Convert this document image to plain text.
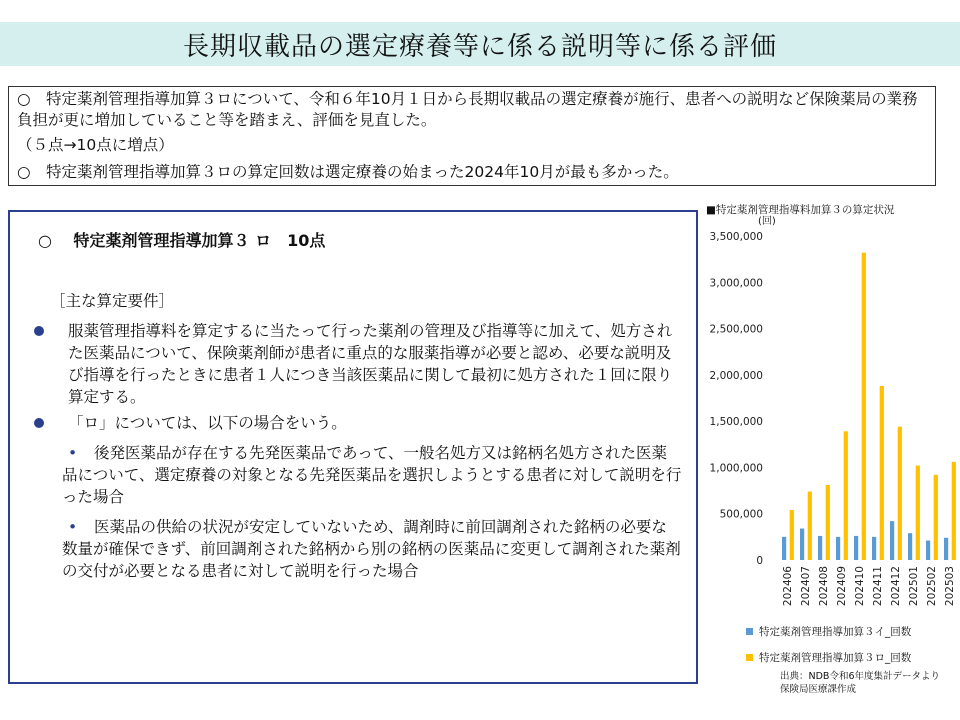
長期収載品の選定療養等に係る説明等に係る評価

○　特定薬剤管理指導加算３ロについて、令和６年10月１日から長期収載品の選定療養が施行、患者への説明など保険薬局の業務負担が更に増加していること等を踏まえ、評価を見直した。

（５点→10点に増点）

○　特定薬剤管理指導加算３ロの算定回数は選定療養の始まった2024年10月が最も多かった。

○　 特定薬剤管理指導加算３ ロ　10点
［主な算定要件］
服薬管理指導料を算定するに当たって行った薬剤の管理及び指導等に加えて、処方された医薬品について、保険薬剤師が患者に重点的な服薬指導が必要と認め、必要な説明及び指導を行ったときに患者１人につき当該医薬品に関して最初に処方された１回に限り算定する。
「ロ」については、以下の場合をいう。
• 後発医薬品が存在する先発医薬品であって、一般名処方又は銘柄名処方された医薬品について、選定療養の対象となる先発医薬品を選択しようとする患者に対して説明を行った場合
• 医薬品の供給の状況が安定していないため、調剤時に前回調剤された銘柄の必要な数量が確保できず、前回調剤された銘柄から別の銘柄の医薬品に変更して調剤された薬剤の交付が必要となる患者に対して説明を行った場合
■特定薬剤管理指導料加算３の算定状況
(回)
0
500,000
1,000,000
1,500,000
2,000,000
2,500,000
3,000,000
3,500,000
202406 202407 202408 202409 202410 202411 202412 202501 202502 202503
特定薬剤管理指導加算３イ_回数
特定薬剤管理指導加算３ロ_回数
出典：NDB令和6年度集計データより
保険局医療課作成
